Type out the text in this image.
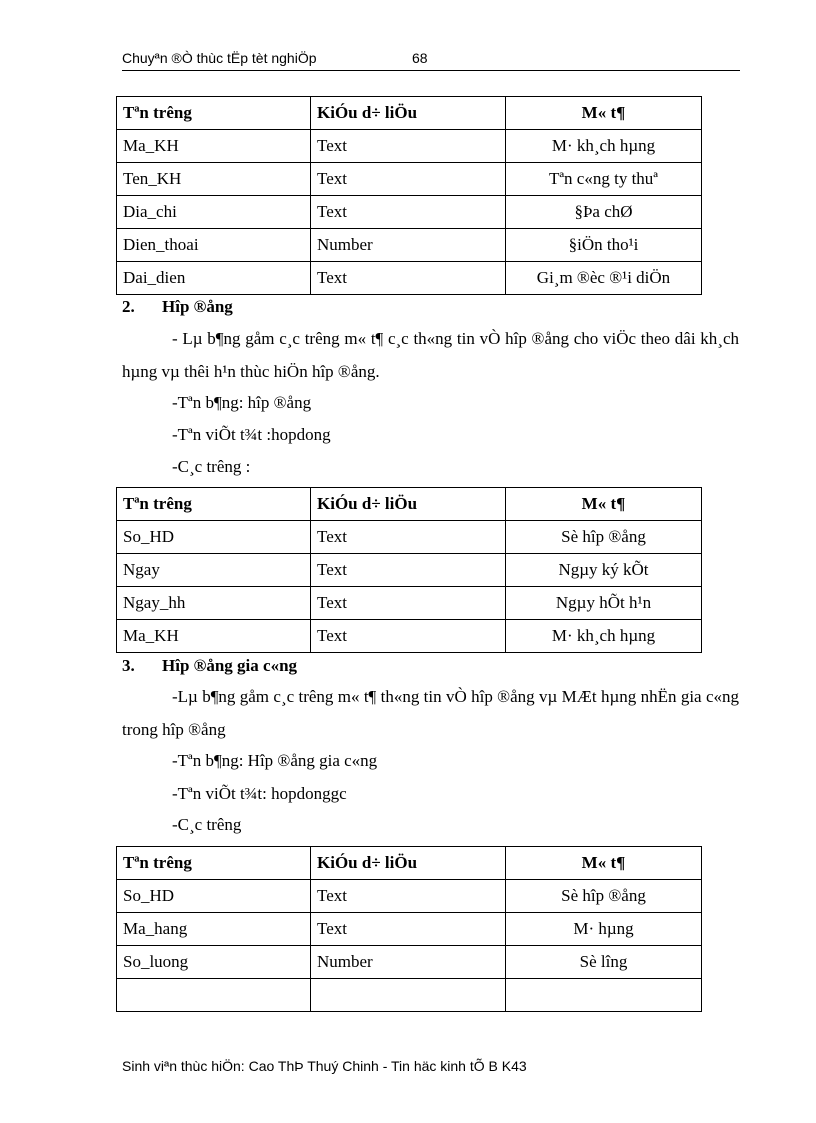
Chuyªn ®Ò thùc tËp tèt nghiÖp	68
Tªn trêng	KiÓu d÷ liÖu	M« t¶
Ma_KH	Text	M· kh¸ch hµng
Ten_KH	Text	Tªn c«ng ty thuª
Dia_chi	Text	§Þa chØ
Dien_thoai	Number	§iÖn tho¹i
Dai_dien	Text	Gi¸m ®èc ®¹i diÖn
2. Hîp ®ång
- Lµ b¶ng gåm c¸c trêng m« t¶ c¸c th«ng tin vÒ hîp ®ång cho viÖc theo dâi kh¸ch hµng vµ thêi h¹n thùc hiÖn hîp ®ång.
-Tªn b¶ng: hîp ®ång
-Tªn viÕt t¾t :hopdong
-C¸c trêng :
Tªn trêng	KiÓu d÷ liÖu	M« t¶
So_HD	Text	Sè hîp ®ång
Ngay	Text	Ngµy ký kÕt
Ngay_hh	Text	Ngµy hÕt h¹n
Ma_KH	Text	M· kh¸ch hµng
3. Hîp ®ång gia c«ng
-Lµ b¶ng gåm c¸c trêng m« t¶ th«ng tin vÒ hîp ®ång vµ MÆt hµng nhËn gia c«ng trong hîp ®ång
-Tªn b¶ng: Hîp ®ång gia c«ng
-Tªn viÕt t¾t: hopdonggc
-C¸c trêng
Tªn trêng	KiÓu d÷ liÖu	M« t¶
So_HD	Text	Sè hîp ®ång
Ma_hang	Text	M· hµng
So_luong	Number	Sè lîng

Sinh viªn thùc hiÖn: Cao ThÞ Thuý Chinh - Tin häc kinh tÕ B K43
